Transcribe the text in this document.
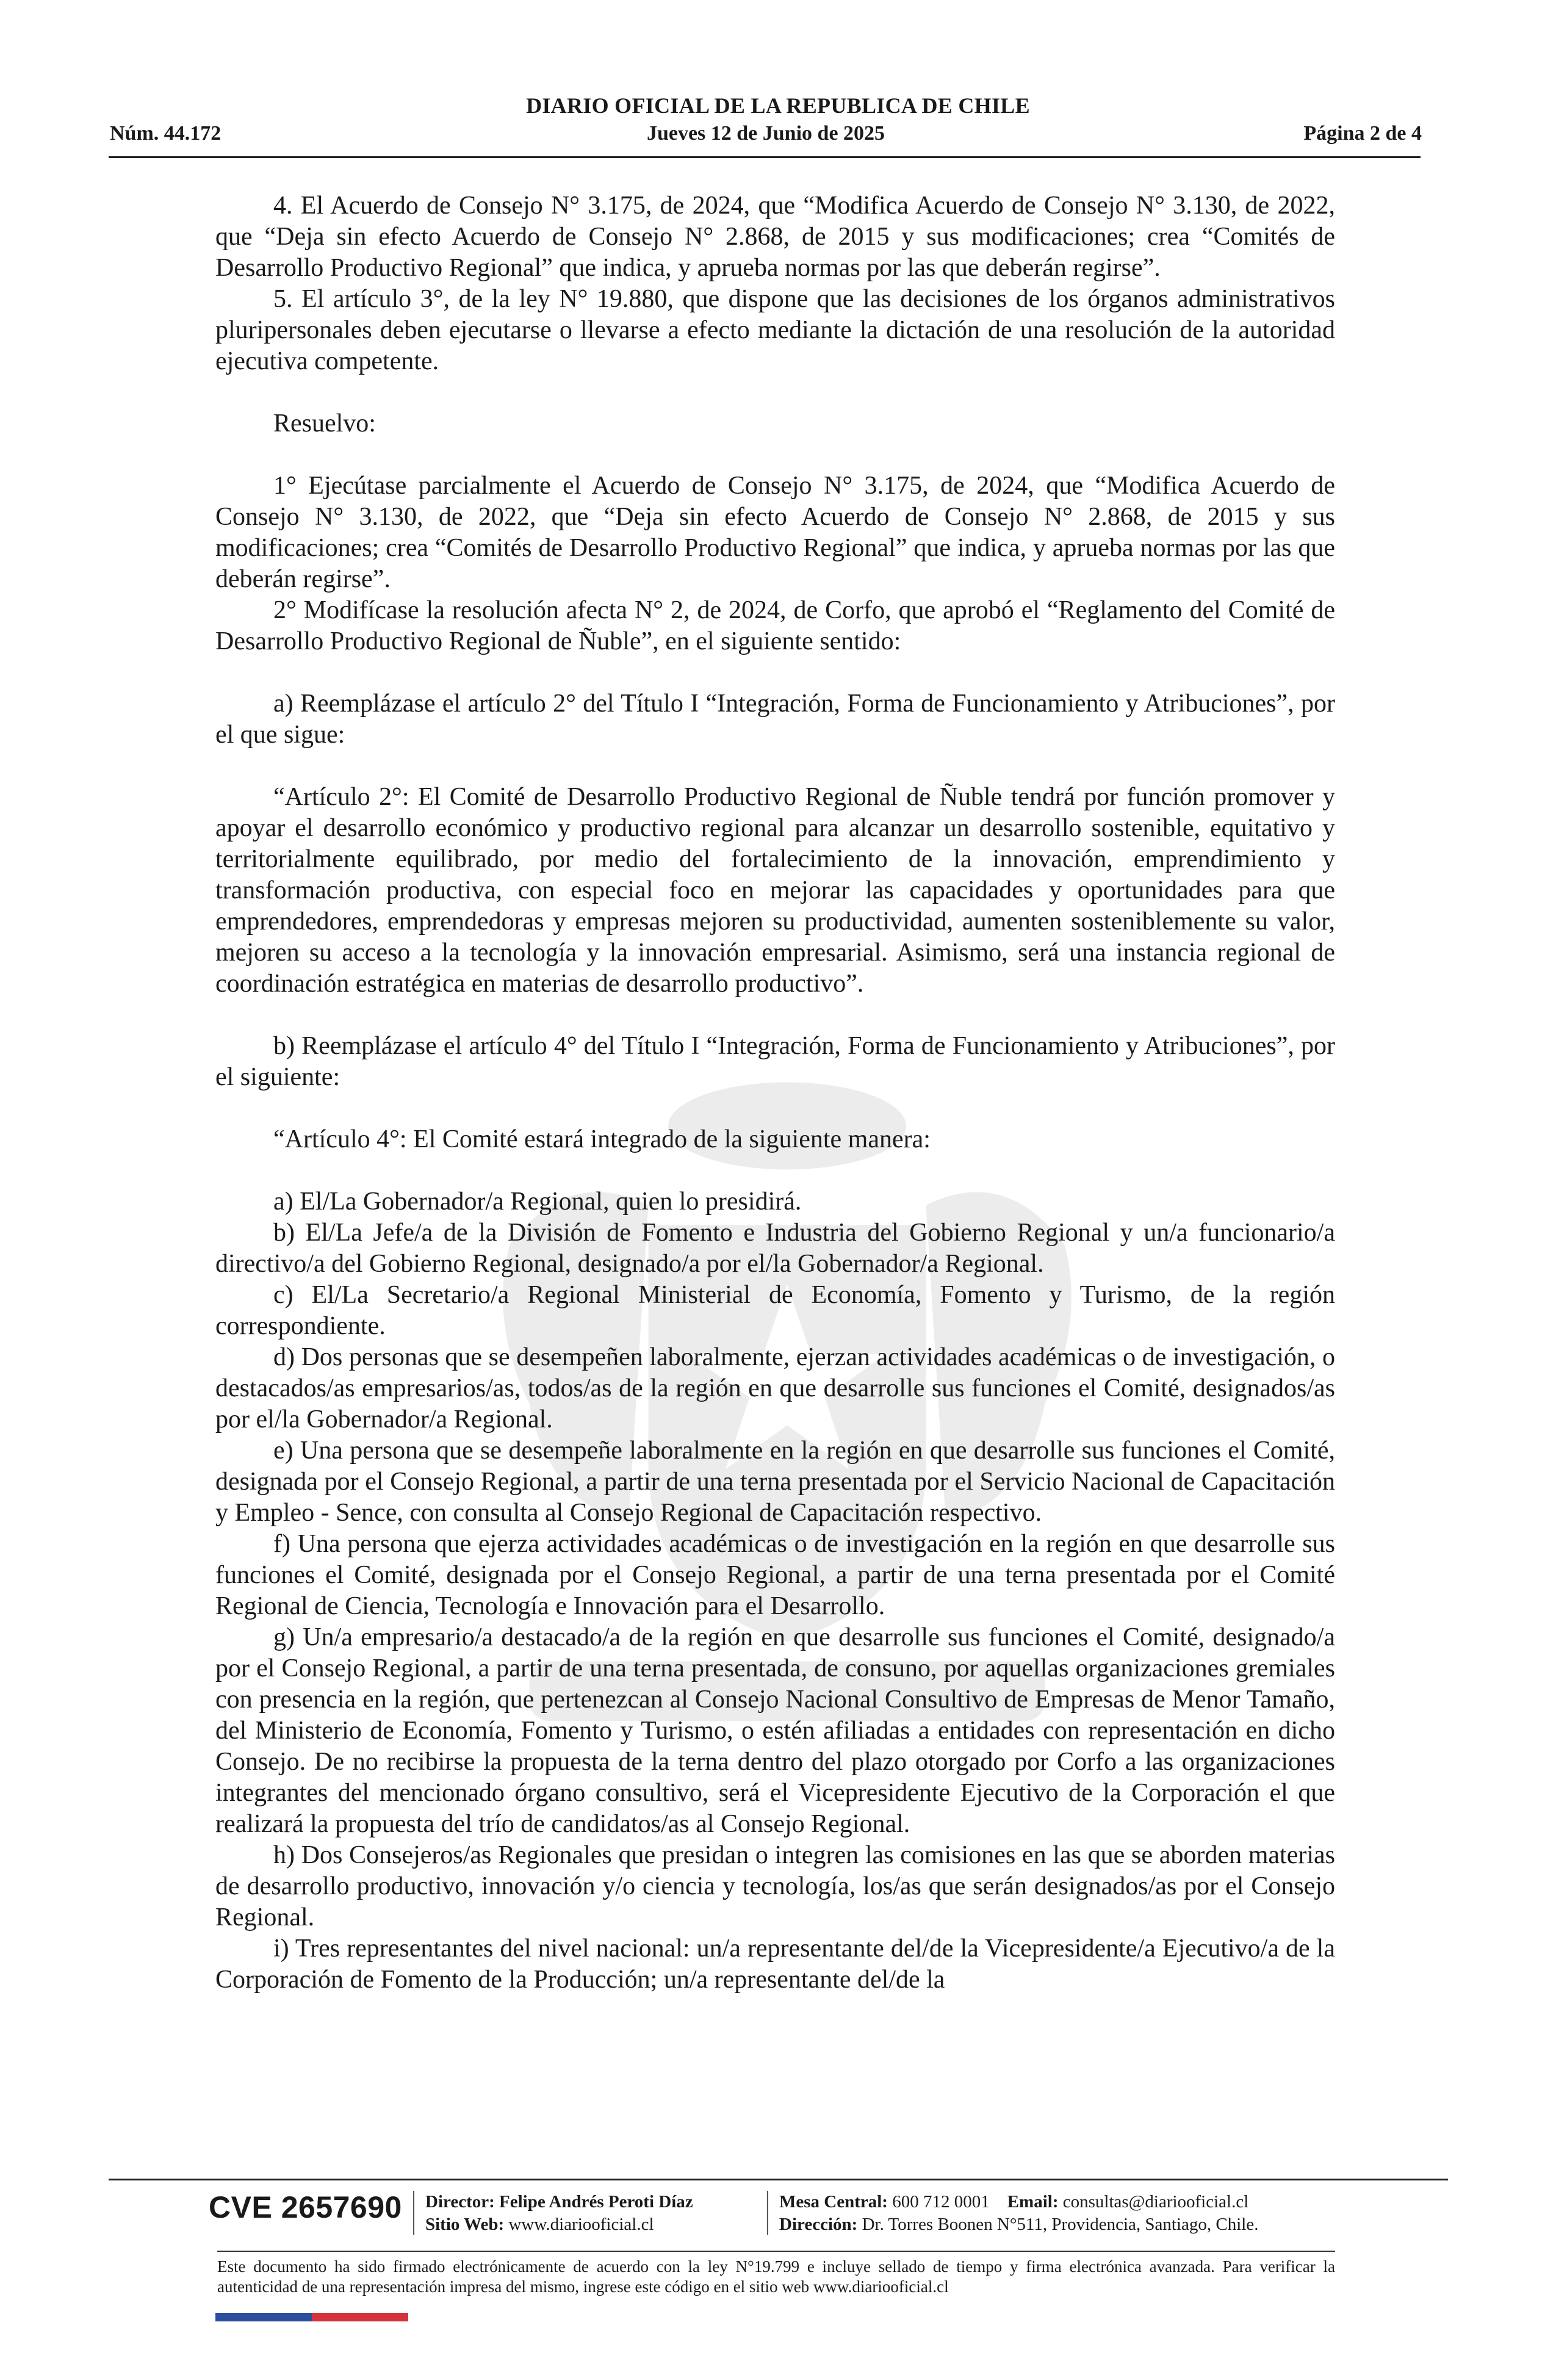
DIARIO OFICIAL DE LA REPUBLICA DE CHILE
Núm. 44.172	Jueves 12 de Junio de 2025	Página 2 de 4

4. El Acuerdo de Consejo N° 3.175, de 2024, que “Modifica Acuerdo de Consejo N° 3.130, de 2022, que “Deja sin efecto Acuerdo de Consejo N° 2.868, de 2015 y sus modificaciones; crea “Comités de Desarrollo Productivo Regional” que indica, y aprueba normas por las que deberán regirse”.

5. El artículo 3°, de la ley N° 19.880, que dispone que las decisiones de los órganos administrativos pluripersonales deben ejecutarse o llevarse a efecto mediante la dictación de una resolución de la autoridad ejecutiva competente.

Resuelvo:

1° Ejecútase parcialmente el Acuerdo de Consejo N° 3.175, de 2024, que “Modifica Acuerdo de Consejo N° 3.130, de 2022, que “Deja sin efecto Acuerdo de Consejo N° 2.868, de 2015 y sus modificaciones; crea “Comités de Desarrollo Productivo Regional” que indica, y aprueba normas por las que deberán regirse”.

2° Modifícase la resolución afecta N° 2, de 2024, de Corfo, que aprobó el “Reglamento del Comité de Desarrollo Productivo Regional de Ñuble”, en el siguiente sentido:

a) Reemplázase el artículo 2° del Título I “Integración, Forma de Funcionamiento y Atribuciones”, por el que sigue:

“Artículo 2°: El Comité de Desarrollo Productivo Regional de Ñuble tendrá por función promover y apoyar el desarrollo económico y productivo regional para alcanzar un desarrollo sostenible, equitativo y territorialmente equilibrado, por medio del fortalecimiento de la innovación, emprendimiento y transformación productiva, con especial foco en mejorar las capacidades y oportunidades para que emprendedores, emprendedoras y empresas mejoren su productividad, aumenten sosteniblemente su valor, mejoren su acceso a la tecnología y la innovación empresarial. Asimismo, será una instancia regional de coordinación estratégica en materias de desarrollo productivo”.

b) Reemplázase el artículo 4° del Título I “Integración, Forma de Funcionamiento y Atribuciones”, por el siguiente:

“Artículo 4°: El Comité estará integrado de la siguiente manera:

a) El/La Gobernador/a Regional, quien lo presidirá.

b) El/La Jefe/a de la División de Fomento e Industria del Gobierno Regional y un/a funcionario/a directivo/a del Gobierno Regional, designado/a por el/la Gobernador/a Regional.

c) El/La Secretario/a Regional Ministerial de Economía, Fomento y Turismo, de la región correspondiente.

d) Dos personas que se desempeñen laboralmente, ejerzan actividades académicas o de investigación, o destacados/as empresarios/as, todos/as de la región en que desarrolle sus funciones el Comité, designados/as por el/la Gobernador/a Regional.

e) Una persona que se desempeñe laboralmente en la región en que desarrolle sus funciones el Comité, designada por el Consejo Regional, a partir de una terna presentada por el Servicio Nacional de Capacitación y Empleo - Sence, con consulta al Consejo Regional de Capacitación respectivo.

f) Una persona que ejerza actividades académicas o de investigación en la región en que desarrolle sus funciones el Comité, designada por el Consejo Regional, a partir de una terna presentada por el Comité Regional de Ciencia, Tecnología e Innovación para el Desarrollo.

g) Un/a empresario/a destacado/a de la región en que desarrolle sus funciones el Comité, designado/a por el Consejo Regional, a partir de una terna presentada, de consuno, por aquellas organizaciones gremiales con presencia en la región, que pertenezcan al Consejo Nacional Consultivo de Empresas de Menor Tamaño, del Ministerio de Economía, Fomento y Turismo, o estén afiliadas a entidades con representación en dicho Consejo. De no recibirse la propuesta de la terna dentro del plazo otorgado por Corfo a las organizaciones integrantes del mencionado órgano consultivo, será el Vicepresidente Ejecutivo de la Corporación el que realizará la propuesta del trío de candidatos/as al Consejo Regional.

h) Dos Consejeros/as Regionales que presidan o integren las comisiones en las que se aborden materias de desarrollo productivo, innovación y/o ciencia y tecnología, los/as que serán designados/as por el Consejo Regional.

i) Tres representantes del nivel nacional: un/a representante del/de la Vicepresidente/a Ejecutivo/a de la Corporación de Fomento de la Producción; un/a representante del/de la

CVE 2657690 Director: Felipe Andrés Peroti Díaz
Sitio Web: www.diariooficial.cl
Mesa Central: 600 712 0001 Email: consultas@diariooficial.cl
Dirección: Dr. Torres Boonen N°511, Providencia, Santiago, Chile.
Este documento ha sido firmado electrónicamente de acuerdo con la ley N°19.799 e incluye sellado de tiempo y firma electrónica avanzada. Para verificar la autenticidad de una representación impresa del mismo, ingrese este código en el sitio web www.diariooficial.cl
